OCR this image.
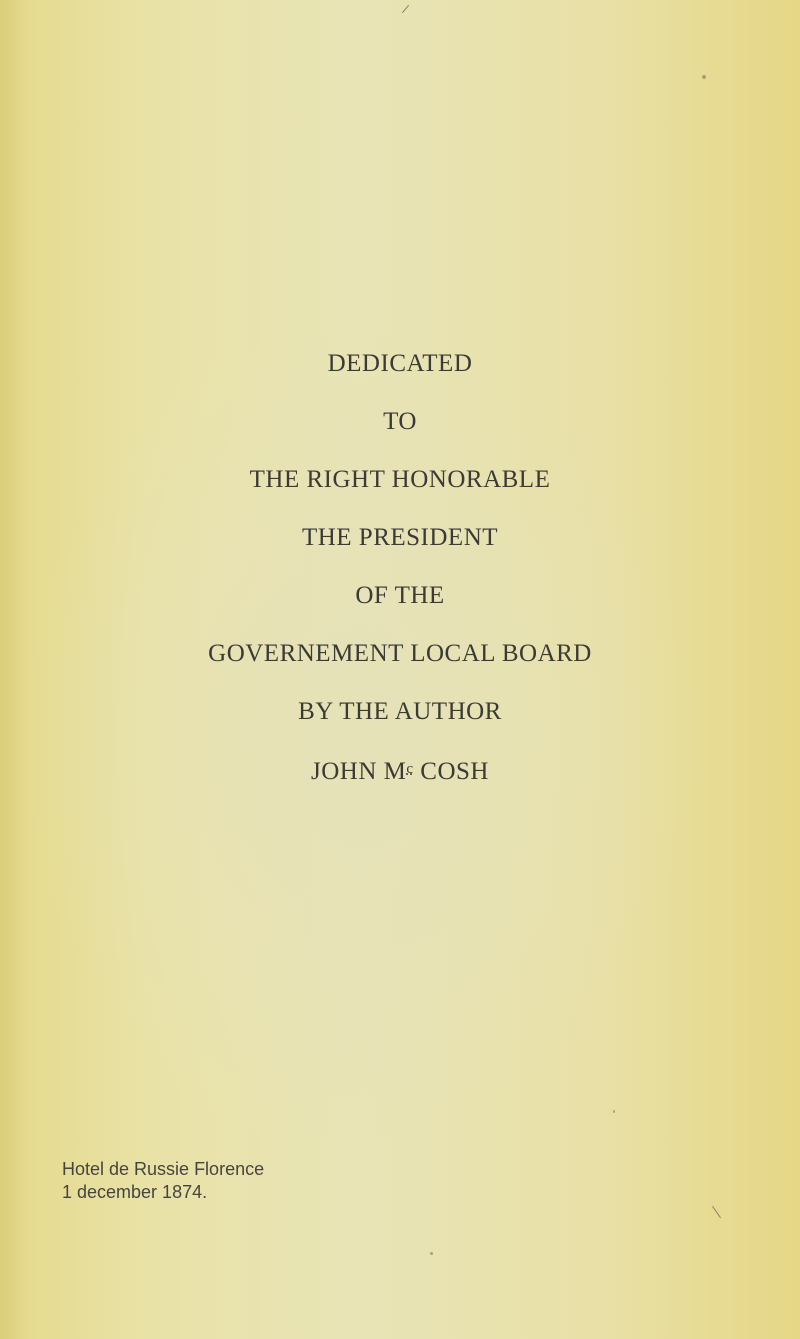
DEDICATED
TO
THE RIGHT HONORABLE
THE PRESIDENT
OF THE
GOVERNEMENT LOCAL BOARD
BY THE AUTHOR
JOHN $M^c$ COSH
Hotel de Russie Florence
1 december 1874.
